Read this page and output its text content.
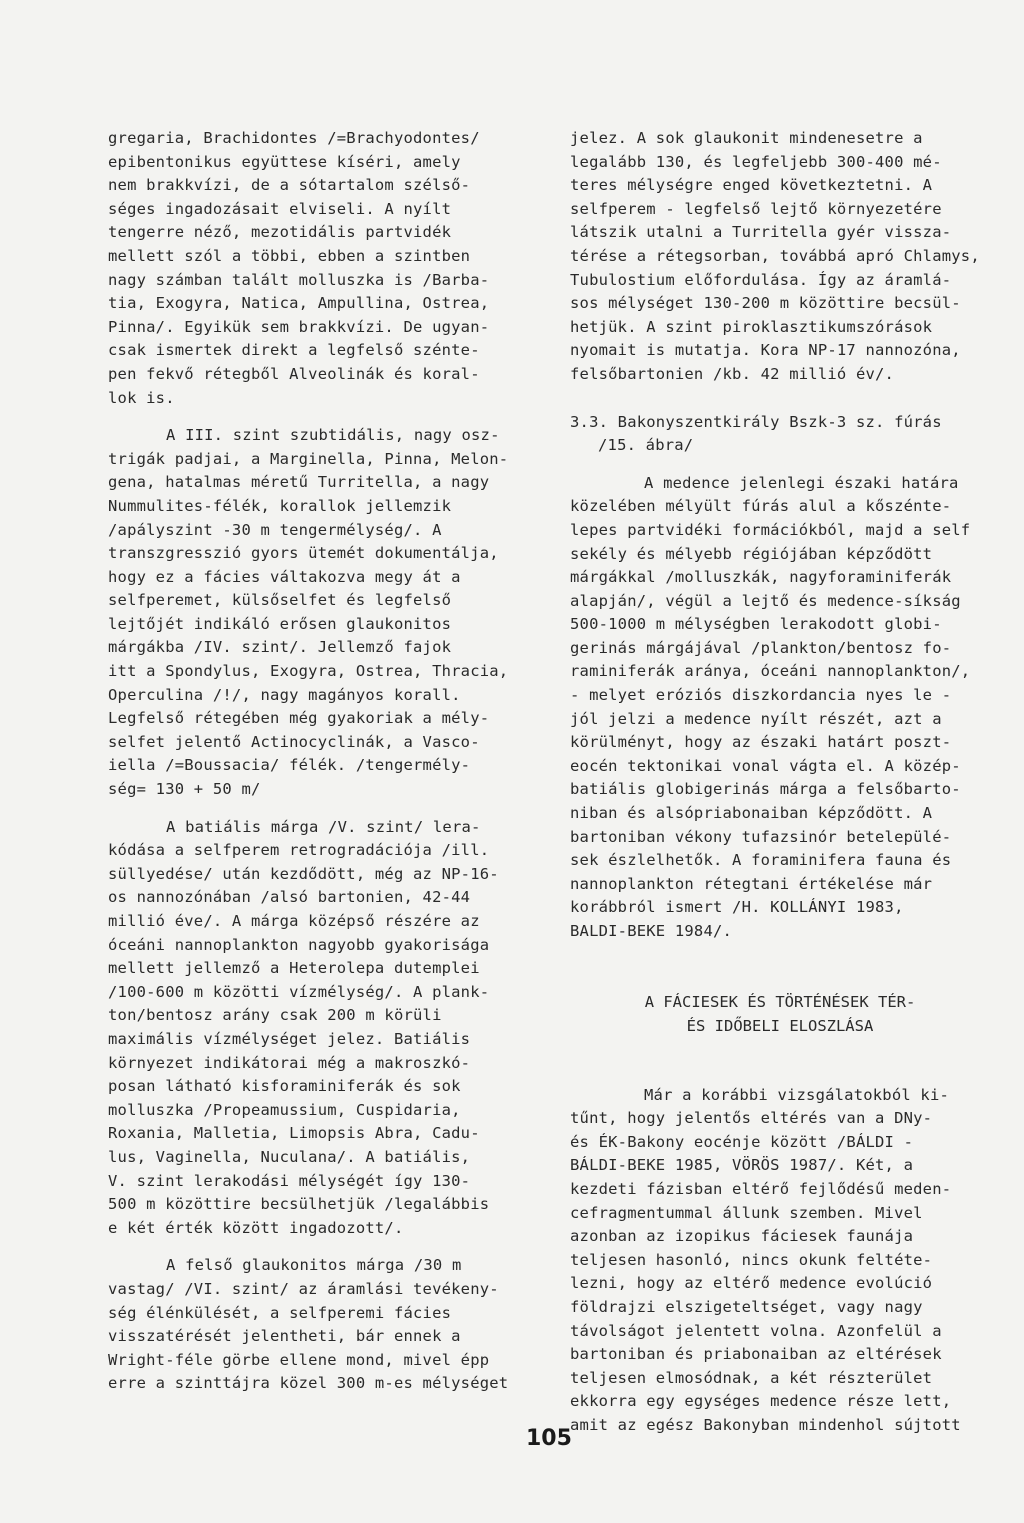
gregaria, Brachidontes /=Brachyodontes/
epibentonikus együttese kíséri, amely
nem brakkvízi, de a sótartalom szélső-
séges ingadozásait elviseli. A nyílt
tengerre néző, mezotidális partvidék
mellett szól a többi, ebben a szintben
nagy számban talált molluszka is /Barba-
tia, Exogyra, Natica, Ampullina, Ostrea,
Pinna/. Egyikük sem brakkvízi. De ugyan-
csak ismertek direkt a legfelső szénte-
pen fekvő rétegből Alveolinák és koral-
lok is.
A III. szint szubtidális, nagy osz-
trigák padjai, a Marginella, Pinna, Melon-
gena, hatalmas méretű Turritella, a nagy
Nummulites-félék, korallok jellemzik
/apályszint -30 m tengermélység/. A
transzgresszió gyors ütemét dokumentálja,
hogy ez a fácies váltakozva megy át a
selfperemet, külsőselfet és legfelső
lejtőjét indikáló erősen glaukonitos
márgákba /IV. szint/. Jellemző fajok
itt a Spondylus, Exogyra, Ostrea, Thracia,
Operculina /!/, nagy magányos korall.
Legfelső rétegében még gyakoriak a mély-
selfet jelentő Actinocyclinák, a Vasco-
iella /=Boussacia/ félék. /tengermély-
ség= 130 + 50 m/
A batiális márga /V. szint/ lera-
kódása a selfperem retrogradációja /ill.
süllyedése/ után kezdődött, még az NP-16-
os nannozónában /alsó bartonien, 42-44
millió éve/. A márga középső részére az
óceáni nannoplankton nagyobb gyakorisága
mellett jellemző a Heterolepa dutemplei
/100-600 m közötti vízmélység/. A plank-
ton/bentosz arány csak 200 m körüli
maximális vízmélységet jelez. Batiális
környezet indikátorai még a makroszkó-
posan látható kisforaminiferák és sok
molluszka /Propeamussium, Cuspidaria,
Roxania, Malletia, Limopsis Abra, Cadu-
lus, Vaginella, Nuculana/. A batiális,
V. szint lerakodási mélységét így 130-
500 m közöttire becsülhetjük /legalábbis
e két érték között ingadozott/.
A felső glaukonitos márga /30 m
vastag/ /VI. szint/ az áramlási tevékeny-
ség élénkülését, a selfperemi fácies
visszatérését jelentheti, bár ennek a
Wright-féle görbe ellene mond, mivel épp
erre a szinttájra közel 300 m-es mélységet
jelez. A sok glaukonit mindenesetre a
legalább 130, és legfeljebb 300-400 mé-
teres mélységre enged következtetni. A
selfperem - legfelső lejtő környezetére
látszik utalni a Turritella gyér vissza-
térése a rétegsorban, továbbá apró Chlamys,
Tubulostium előfordulása. Így az áramlá-
sos mélységet 130-200 m közöttire becsül-
hetjük. A szint piroklasztikumszórások
nyomait is mutatja. Kora NP-17 nannozóna,
felsőbartonien /kb. 42 millió év/.
3.3. Bakonyszentkirály Bszk-3 sz. fúrás
/15. ábra/
A medence jelenlegi északi határa
közelében mélyült fúrás alul a kőszénte-
lepes partvidéki formációkból, majd a self
sekély és mélyebb régiójában képződött
márgákkal /molluszkák, nagyforaminiferák
alapján/, végül a lejtő és medence-síkság
500-1000 m mélységben lerakodott globi-
gerinás márgájával /plankton/bentosz fo-
raminiferák aránya, óceáni nannoplankton/,
- melyet eróziós diszkordancia nyes le -
jól jelzi a medence nyílt részét, azt a
körülményt, hogy az északi határt poszt-
eocén tektonikai vonal vágta el. A közép-
batiális globigerinás márga a felsőbarto-
niban és alsópriabonaiban képződött. A
bartoniban vékony tufazsinór betelepülé-
sek észlelhetők. A foraminifera fauna és
nannoplankton rétegtani értékelése már
korábbról ismert /H. KOLLÁNYI 1983,
BALDI-BEKE 1984/.
A FÁCIESEK ÉS TÖRTÉNÉSEK TÉR-
ÉS IDŐBELI ELOSZLÁSA
Már a korábbi vizsgálatokból ki-
tűnt, hogy jelentős eltérés van a DNy-
és ÉK-Bakony eocénje között /BÁLDI -
BÁLDI-BEKE 1985, VÖRÖS 1987/. Két, a
kezdeti fázisban eltérő fejlődésű meden-
cefragmentummal állunk szemben. Mivel
azonban az izopikus fáciesek faunája
teljesen hasonló, nincs okunk feltéte-
lezni, hogy az eltérő medence evolúció
földrajzi elszigeteltséget, vagy nagy
távolságot jelentett volna. Azonfelül a
bartoniban és priabonaiban az eltérések
teljesen elmosódnak, a két részterület
ekkorra egy egységes medence része lett,
amit az egész Bakonyban mindenhol sújtott
105
